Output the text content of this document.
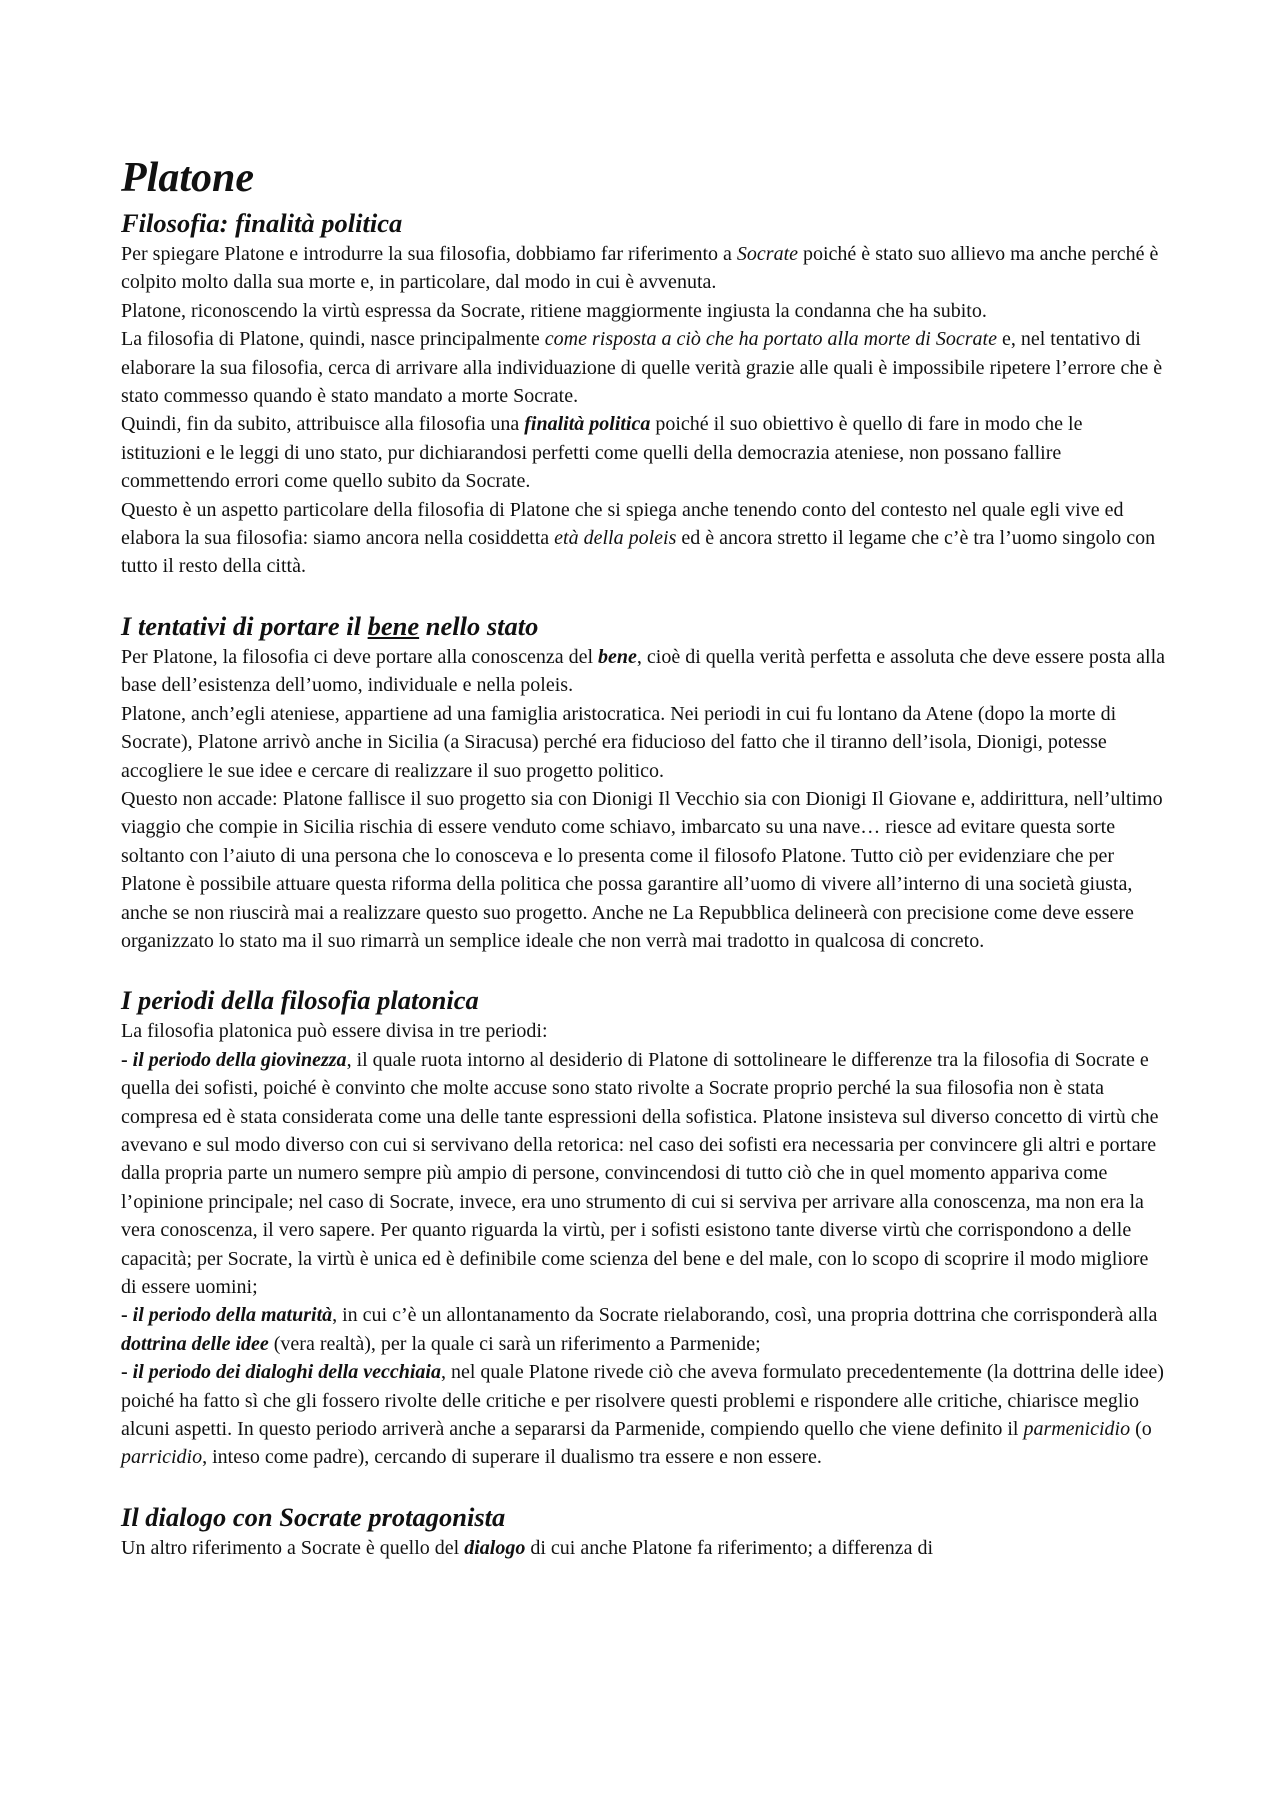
Platone
Filosofia: finalità politica

Per spiegare Platone e introdurre la sua filosofia, dobbiamo far riferimento a Socrate poiché è stato suo allievo ma anche perché è colpito molto dalla sua morte e, in particolare, dal modo in cui è avvenuta.

Platone, riconoscendo la virtù espressa da Socrate, ritiene maggiormente ingiusta la condanna che ha subito.

La filosofia di Platone, quindi, nasce principalmente come risposta a ciò che ha portato alla morte di Socrate e, nel tentativo di elaborare la sua filosofia, cerca di arrivare alla individuazione di quelle verità grazie alle quali è impossibile ripetere l’errore che è stato commesso quando è stato mandato a morte Socrate.

Quindi, fin da subito, attribuisce alla filosofia una finalità politica poiché il suo obiettivo è quello di fare in modo che le istituzioni e le leggi di uno stato, pur dichiarandosi perfetti come quelli della democrazia ateniese, non possano fallire commettendo errori come quello subito da Socrate.

Questo è un aspetto particolare della filosofia di Platone che si spiega anche tenendo conto del contesto nel quale egli vive ed elabora la sua filosofia: siamo ancora nella cosiddetta età della poleis ed è ancora stretto il legame che c’è tra l’uomo singolo con tutto il resto della città.

I tentativi di portare il bene nello stato

Per Platone, la filosofia ci deve portare alla conoscenza del bene, cioè di quella verità perfetta e assoluta che deve essere posta alla base dell’esistenza dell’uomo, individuale e nella poleis.

Platone, anch’egli ateniese, appartiene ad una famiglia aristocratica. Nei periodi in cui fu lontano da Atene (dopo la morte di Socrate), Platone arrivò anche in Sicilia (a Siracusa) perché era fiducioso del fatto che il tiranno dell’isola, Dionigi, potesse accogliere le sue idee e cercare di realizzare il suo progetto politico.

Questo non accade: Platone fallisce il suo progetto sia con Dionigi Il Vecchio sia con Dionigi Il Giovane e, addirittura, nell’ultimo viaggio che compie in Sicilia rischia di essere venduto come schiavo, imbarcato su una nave… riesce ad evitare questa sorte soltanto con l’aiuto di una persona che lo conosceva e lo presenta come il filosofo Platone. Tutto ciò per evidenziare che per Platone è possibile attuare questa riforma della politica che possa garantire all’uomo di vivere all’interno di una società giusta, anche se non riuscirà mai a realizzare questo suo progetto. Anche ne La Repubblica delineerà con precisione come deve essere organizzato lo stato ma il suo rimarrà un semplice ideale che non verrà mai tradotto in qualcosa di concreto.

I periodi della filosofia platonica

La filosofia platonica può essere divisa in tre periodi:

- il periodo della giovinezza, il quale ruota intorno al desiderio di Platone di sottolineare le differenze tra la filosofia di Socrate e quella dei sofisti, poiché è convinto che molte accuse sono stato rivolte a Socrate proprio perché la sua filosofia non è stata compresa ed è stata considerata come una delle tante espressioni della sofistica. Platone insisteva sul diverso concetto di virtù che avevano e sul modo diverso con cui si servivano della retorica: nel caso dei sofisti era necessaria per convincere gli altri e portare dalla propria parte un numero sempre più ampio di persone, convincendosi di tutto ciò che in quel momento appariva come l’opinione principale; nel caso di Socrate, invece, era uno strumento di cui si serviva per arrivare alla conoscenza, ma non era la vera conoscenza, il vero sapere. Per quanto riguarda la virtù, per i sofisti esistono tante diverse virtù che corrispondono a delle capacità; per Socrate, la virtù è unica ed è definibile come scienza del bene e del male, con lo scopo di scoprire il modo migliore di essere uomini;

- il periodo della maturità, in cui c’è un allontanamento da Socrate rielaborando, così, una propria dottrina che corrisponderà alla dottrina delle idee (vera realtà), per la quale ci sarà un riferimento a Parmenide;

- il periodo dei dialoghi della vecchiaia, nel quale Platone rivede ciò che aveva formulato precedentemente (la dottrina delle idee) poiché ha fatto sì che gli fossero rivolte delle critiche e per risolvere questi problemi e rispondere alle critiche, chiarisce meglio alcuni aspetti. In questo periodo arriverà anche a separarsi da Parmenide, compiendo quello che viene definito il parmenicidio (o parricidio, inteso come padre), cercando di superare il dualismo tra essere e non essere.

Il dialogo con Socrate protagonista

Un altro riferimento a Socrate è quello del dialogo di cui anche Platone fa riferimento; a differenza di
